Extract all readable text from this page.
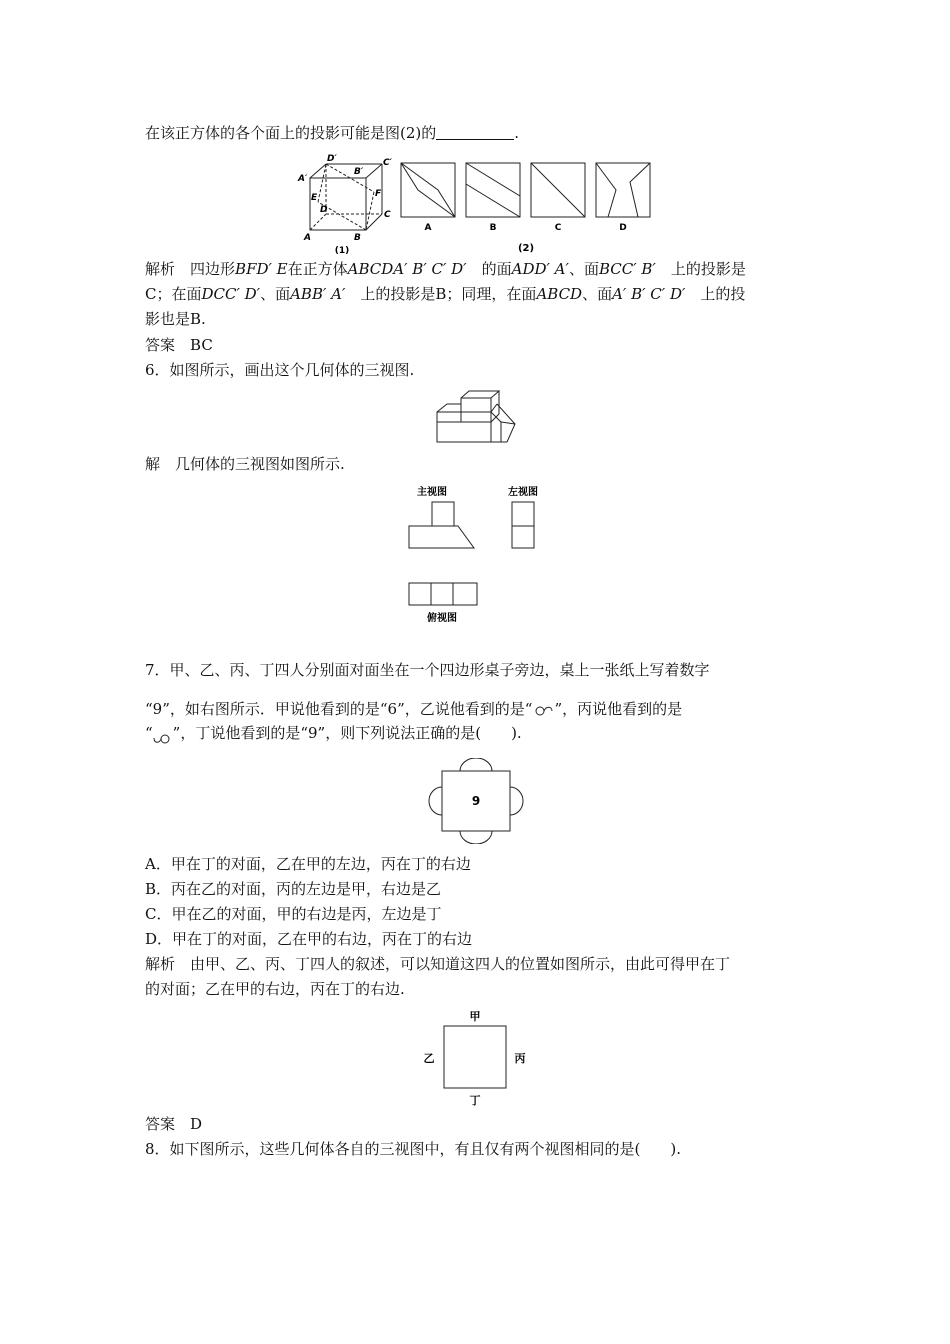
在该正方体的各个面上的投影可能是图(2)的	.
D′	C′
A′
B′
E	F
D	C
A	B
(1)
A	B	C	D
(2)
解析　 四边形BFD′ E在正方体ABCDA′ B′ C′ D′　 的面ADD′ A′、面BCC′ B′　 上的投影是
C；在面DCC′ D′、面ABB′ A′　 上的投影是B；同理，在面ABCD、面A′ B′ C′ D′　 上的投
影也是B.
答案　 BC
6．如图所示，画出这个几何体的三视图.
解　 几何体的三视图如图所示.
主视图	左视图
俯视图
7．甲、乙、丙、丁四人分别面对面坐在一个四边形桌子旁边，桌上一张纸上写着数字
“9”，如右图所示．甲说他看到的是“6”，乙说他看到的是“ ”，丙说他看到的是
“ ”，丁说他看到的是“9”，则下列说法正确的是(　　).
9
A．甲在丁的对面，乙在甲的左边，丙在丁的右边
B．丙在乙的对面，丙的左边是甲，右边是乙
C．甲在乙的对面，甲的右边是丙，左边是丁
D．甲在丁的对面，乙在甲的右边，丙在丁的右边
解析　 由甲、乙、丙、丁四人的叙述，可以知道这四人的位置如图所示，由此可得甲在丁
的对面；乙在甲的右边，丙在丁的右边.
甲
乙	丙
丁
答案　 D
8．如下图所示，这些几何体各自的三视图中，有且仅有两个视图相同的是(　　).
